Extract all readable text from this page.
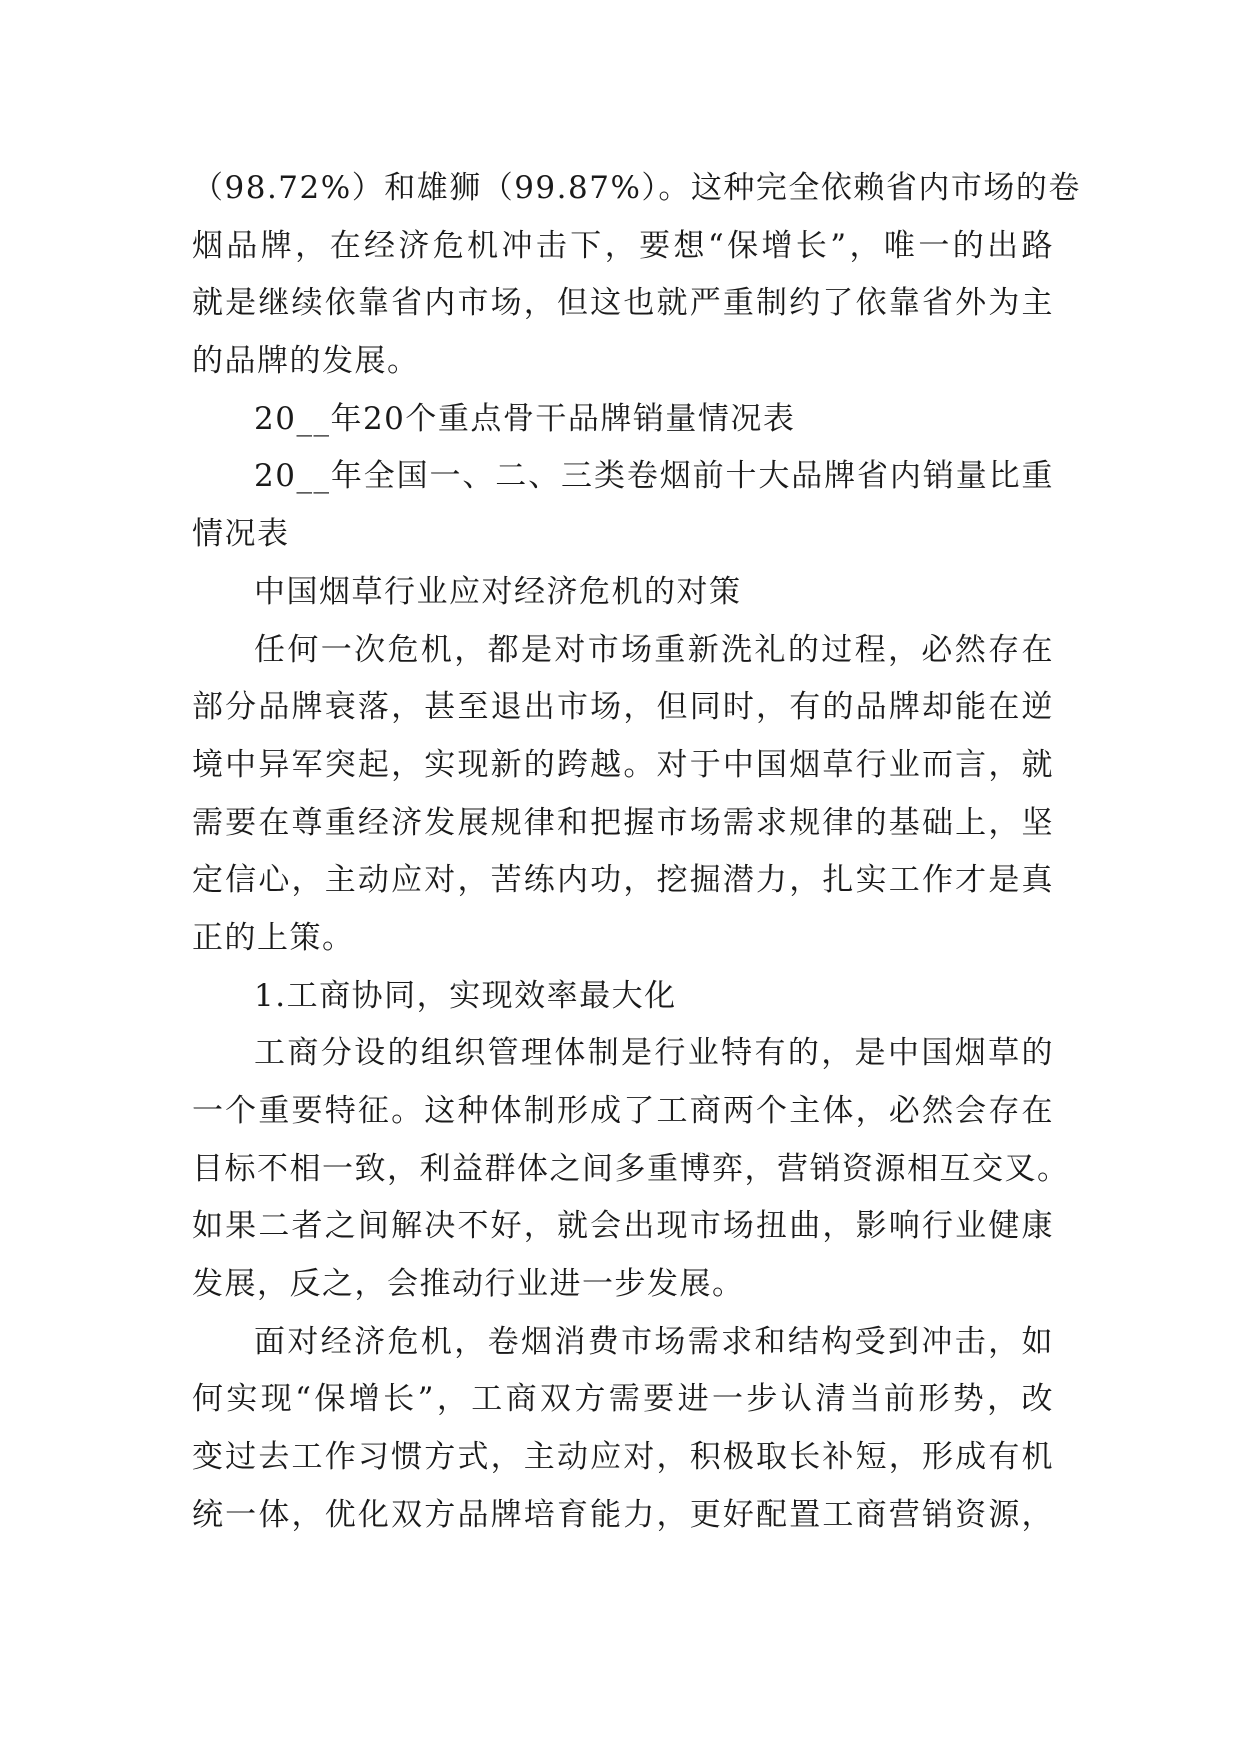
（98.72%）和雄狮（99.87%）。这种完全依赖省内市场的卷
烟品牌，在经济危机冲击下，要想“保增长”，唯一的出路
就是继续依靠省内市场，但这也就严重制约了依靠省外为主
的品牌的发展。
20__年20个重点骨干品牌销量情况表
20__年全国一、二、三类卷烟前十大品牌省内销量比重
情况表
中国烟草行业应对经济危机的对策
任何一次危机，都是对市场重新洗礼的过程，必然存在
部分品牌衰落，甚至退出市场，但同时，有的品牌却能在逆
境中异军突起，实现新的跨越。对于中国烟草行业而言，就
需要在尊重经济发展规律和把握市场需求规律的基础上，坚
定信心，主动应对，苦练内功，挖掘潜力，扎实工作才是真
正的上策。
1.工商协同，实现效率最大化
工商分设的组织管理体制是行业特有的，是中国烟草的
一个重要特征。这种体制形成了工商两个主体，必然会存在
目标不相一致，利益群体之间多重博弈，营销资源相互交叉。
如果二者之间解决不好，就会出现市场扭曲，影响行业健康
发展，反之，会推动行业进一步发展。
面对经济危机，卷烟消费市场需求和结构受到冲击，如
何实现“保增长”，工商双方需要进一步认清当前形势，改
变过去工作习惯方式，主动应对，积极取长补短，形成有机
统一体，优化双方品牌培育能力，更好配置工商营销资源，
